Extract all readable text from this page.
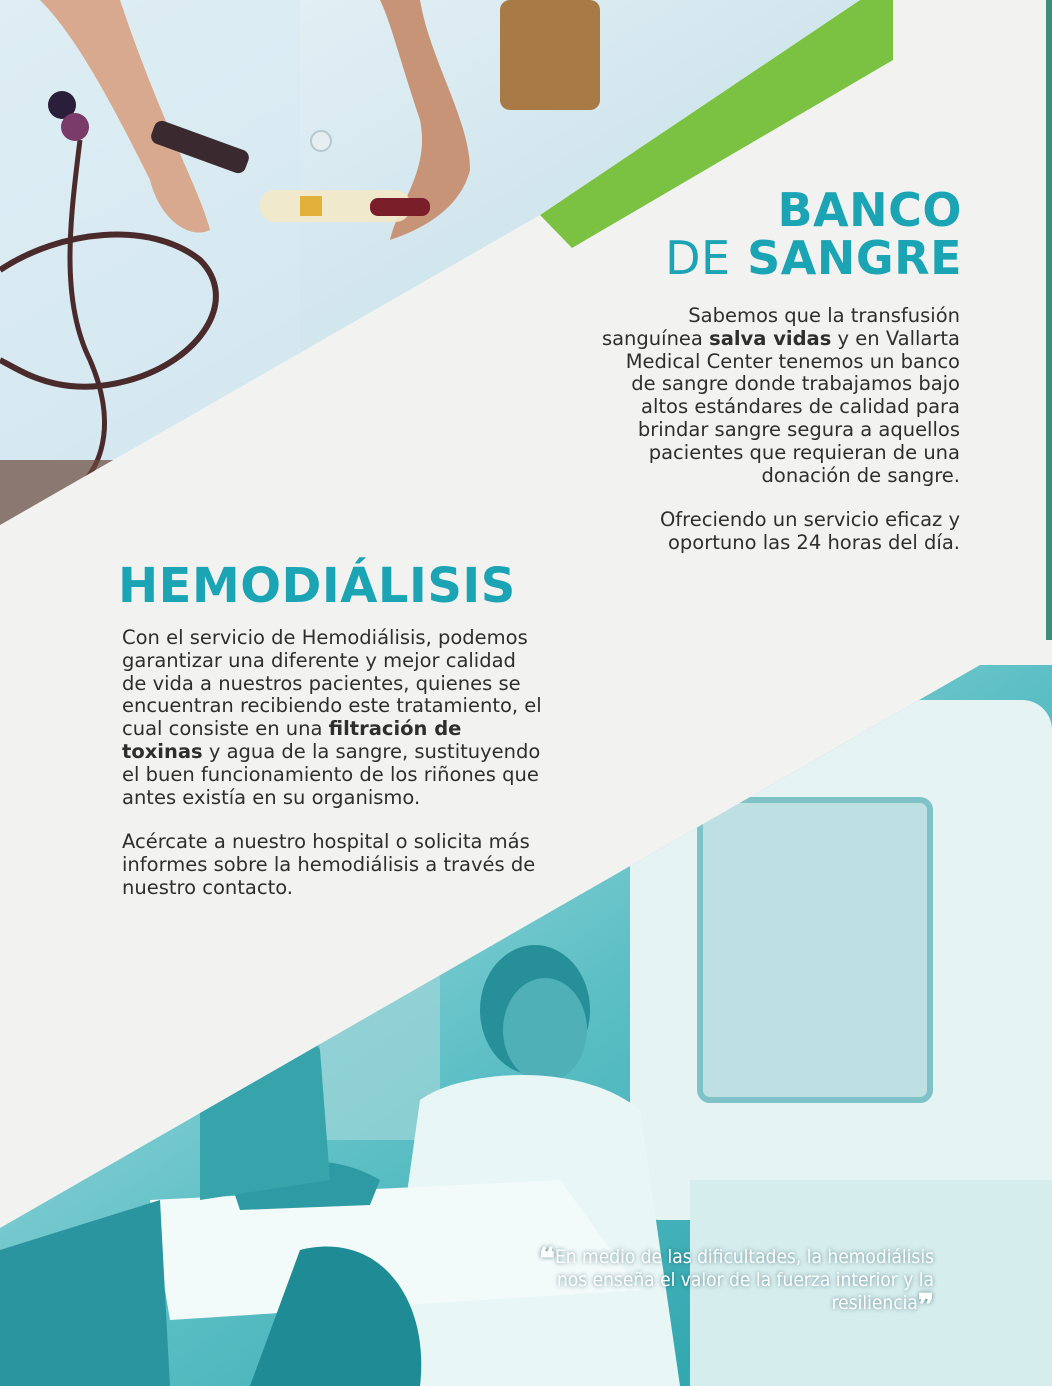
BANCO
DE SANGRE

Sabemos que la transfusión sanguínea salva vidas y en Vallarta Medical Center tenemos un banco de sangre donde trabajamos bajo altos estándares de calidad para brindar sangre segura a aquellos pacientes que requieran de una donación de sangre.

Ofreciendo un servicio eficaz y oportuno las 24 horas del día.

HEMODIÁLISIS

Con el servicio de Hemodiálisis, podemos garantizar una diferente y mejor calidad de vida a nuestros pacientes, quienes se encuentran recibiendo este tratamiento, el cual consiste en una filtración de toxinas y agua de la sangre, sustituyendo el buen funcionamiento de los riñones que antes existía en su organismo.

Acércate a nuestro hospital o solicita más informes sobre la hemodiálisis a través de nuestro contacto.

❝En medio de las dificultades, la hemodiálisis nos enseña el valor de la fuerza interior y la resiliencia❞
